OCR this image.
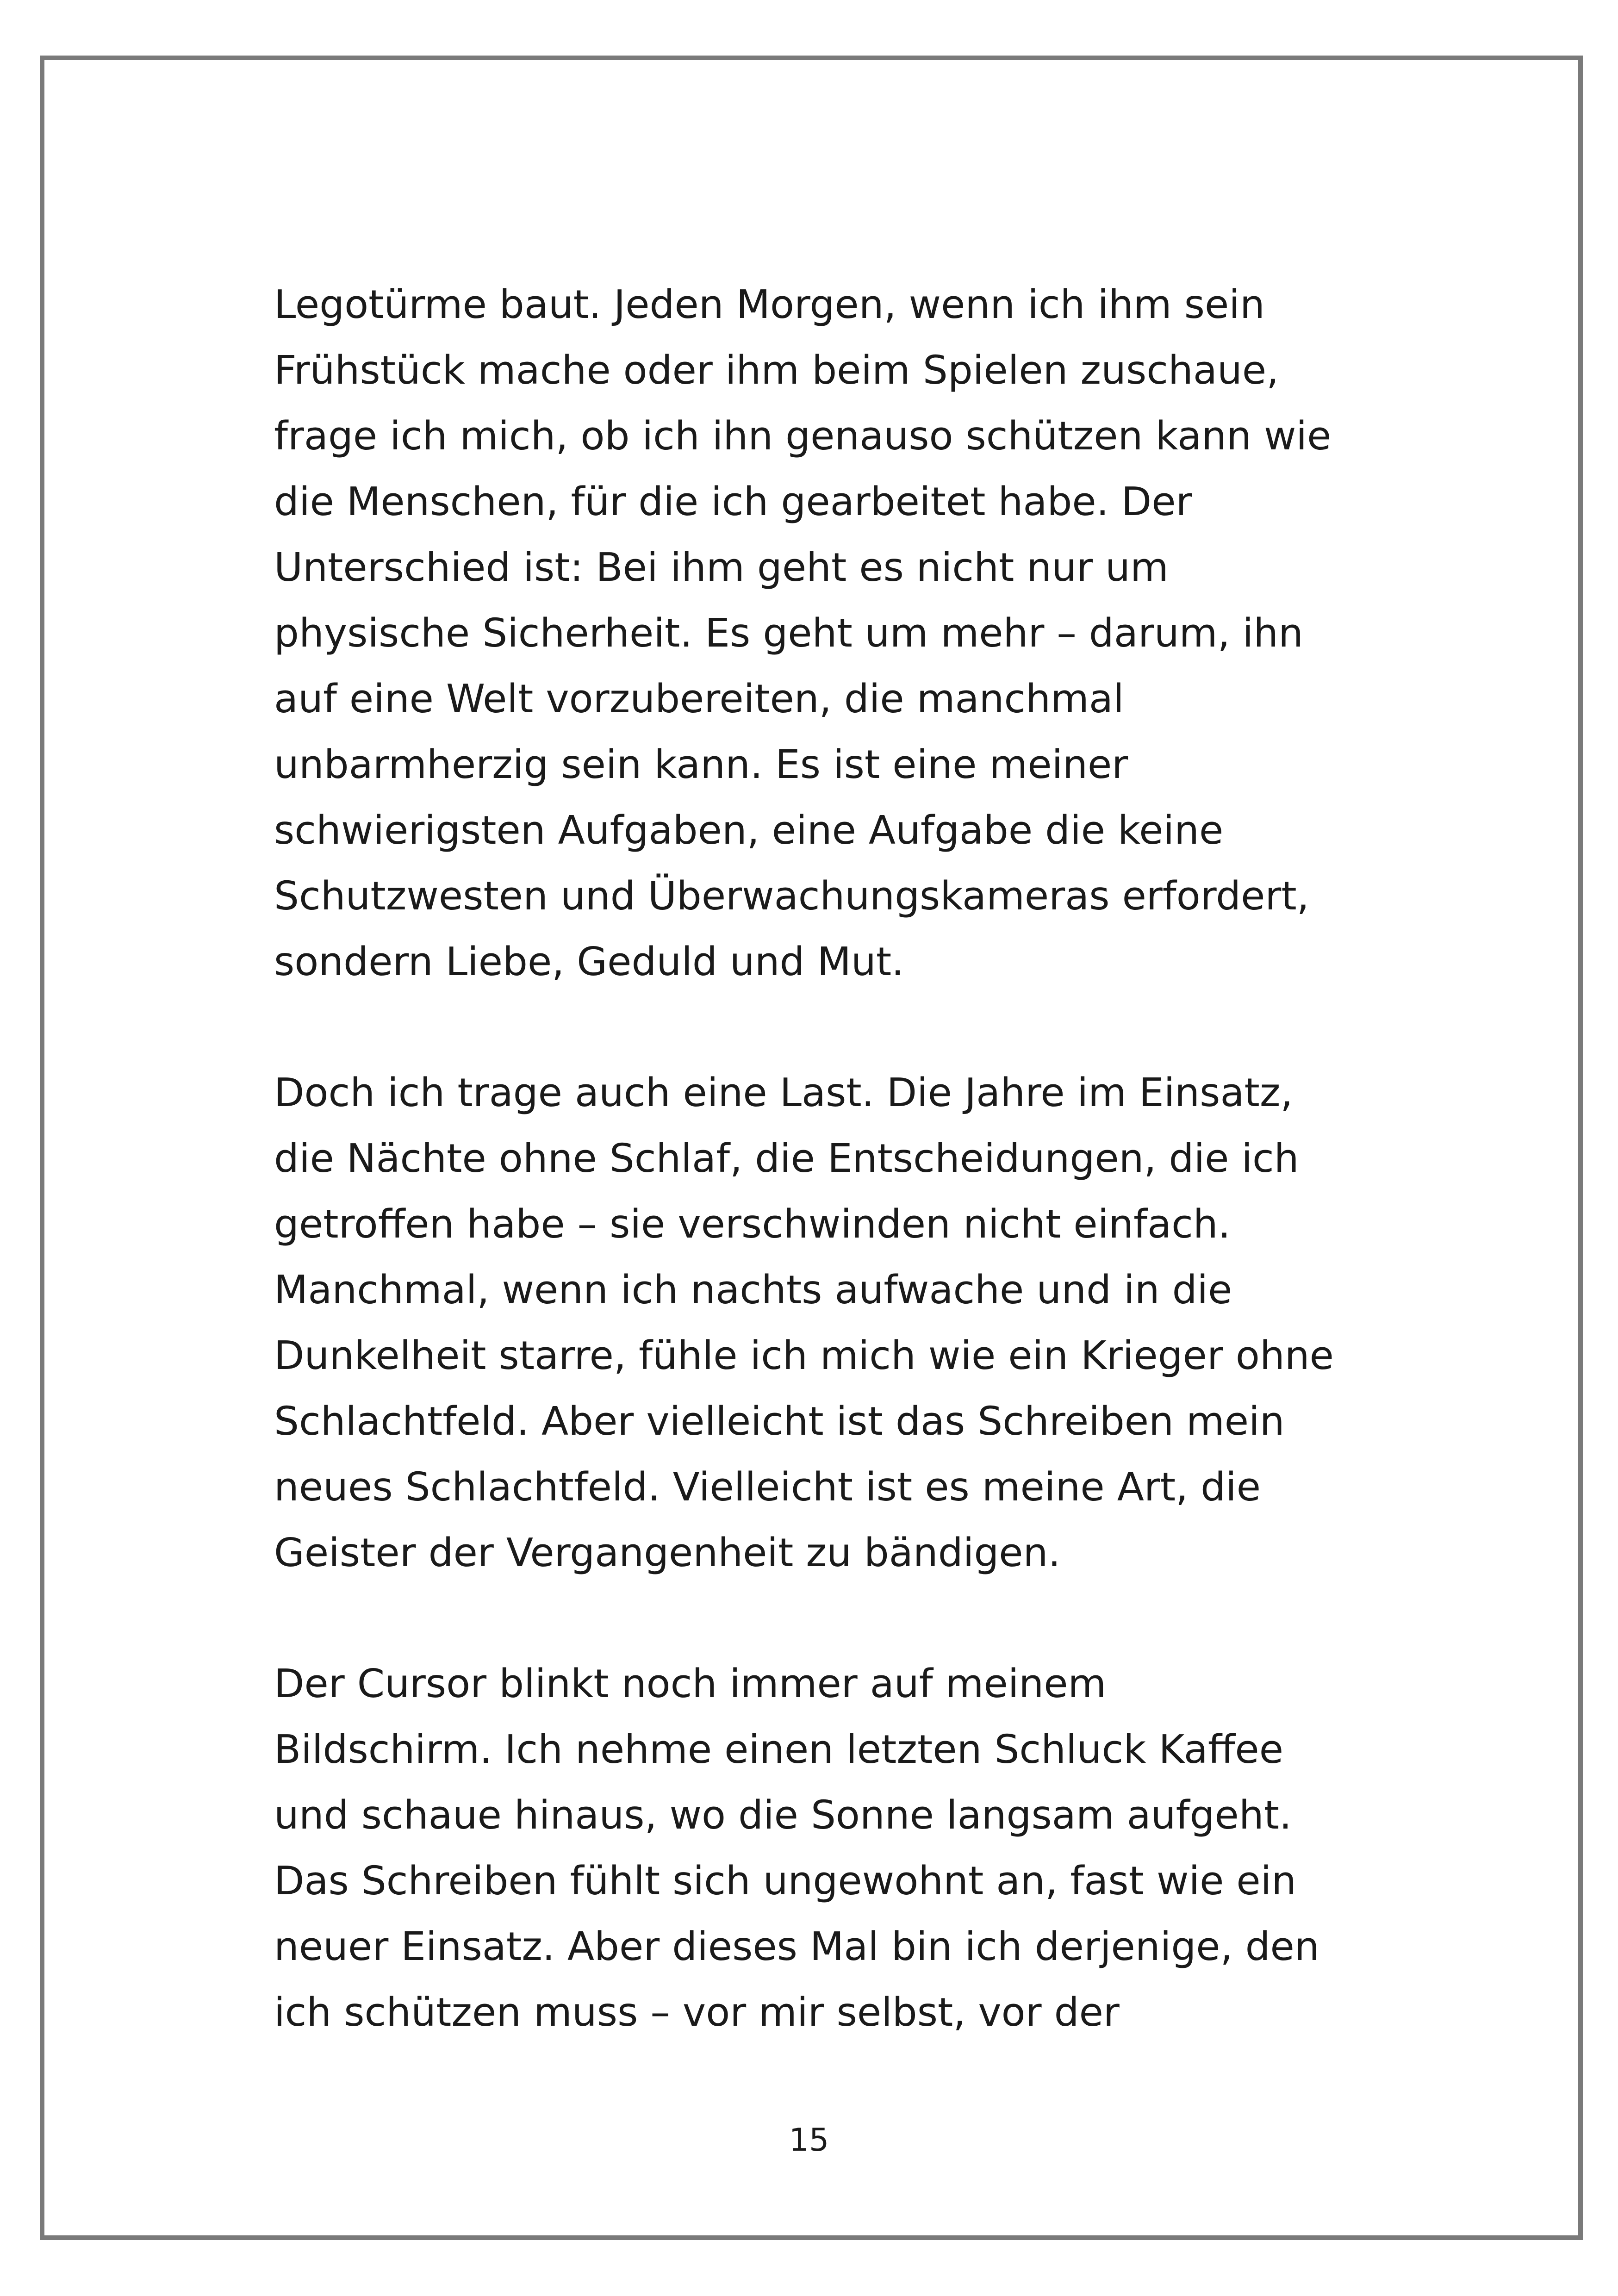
Legotürme baut. Jeden Morgen, wenn ich ihm sein
Frühstück mache oder ihm beim Spielen zuschaue,
frage ich mich, ob ich ihn genauso schützen kann wie
die Menschen, für die ich gearbeitet habe. Der
Unterschied ist: Bei ihm geht es nicht nur um
physische Sicherheit. Es geht um mehr – darum, ihn
auf eine Welt vorzubereiten, die manchmal
unbarmherzig sein kann. Es ist eine meiner
schwierigsten Aufgaben, eine Aufgabe die keine
Schutzwesten und Überwachungskameras erfordert,
sondern Liebe, Geduld und Mut.
Doch ich trage auch eine Last. Die Jahre im Einsatz,
die Nächte ohne Schlaf, die Entscheidungen, die ich
getroffen habe – sie verschwinden nicht einfach.
Manchmal, wenn ich nachts aufwache und in die
Dunkelheit starre, fühle ich mich wie ein Krieger ohne
Schlachtfeld. Aber vielleicht ist das Schreiben mein
neues Schlachtfeld. Vielleicht ist es meine Art, die
Geister der Vergangenheit zu bändigen.
Der Cursor blinkt noch immer auf meinem
Bildschirm. Ich nehme einen letzten Schluck Kaffee
und schaue hinaus, wo die Sonne langsam aufgeht.
Das Schreiben fühlt sich ungewohnt an, fast wie ein
neuer Einsatz. Aber dieses Mal bin ich derjenige, den
ich schützen muss – vor mir selbst, vor der
15
